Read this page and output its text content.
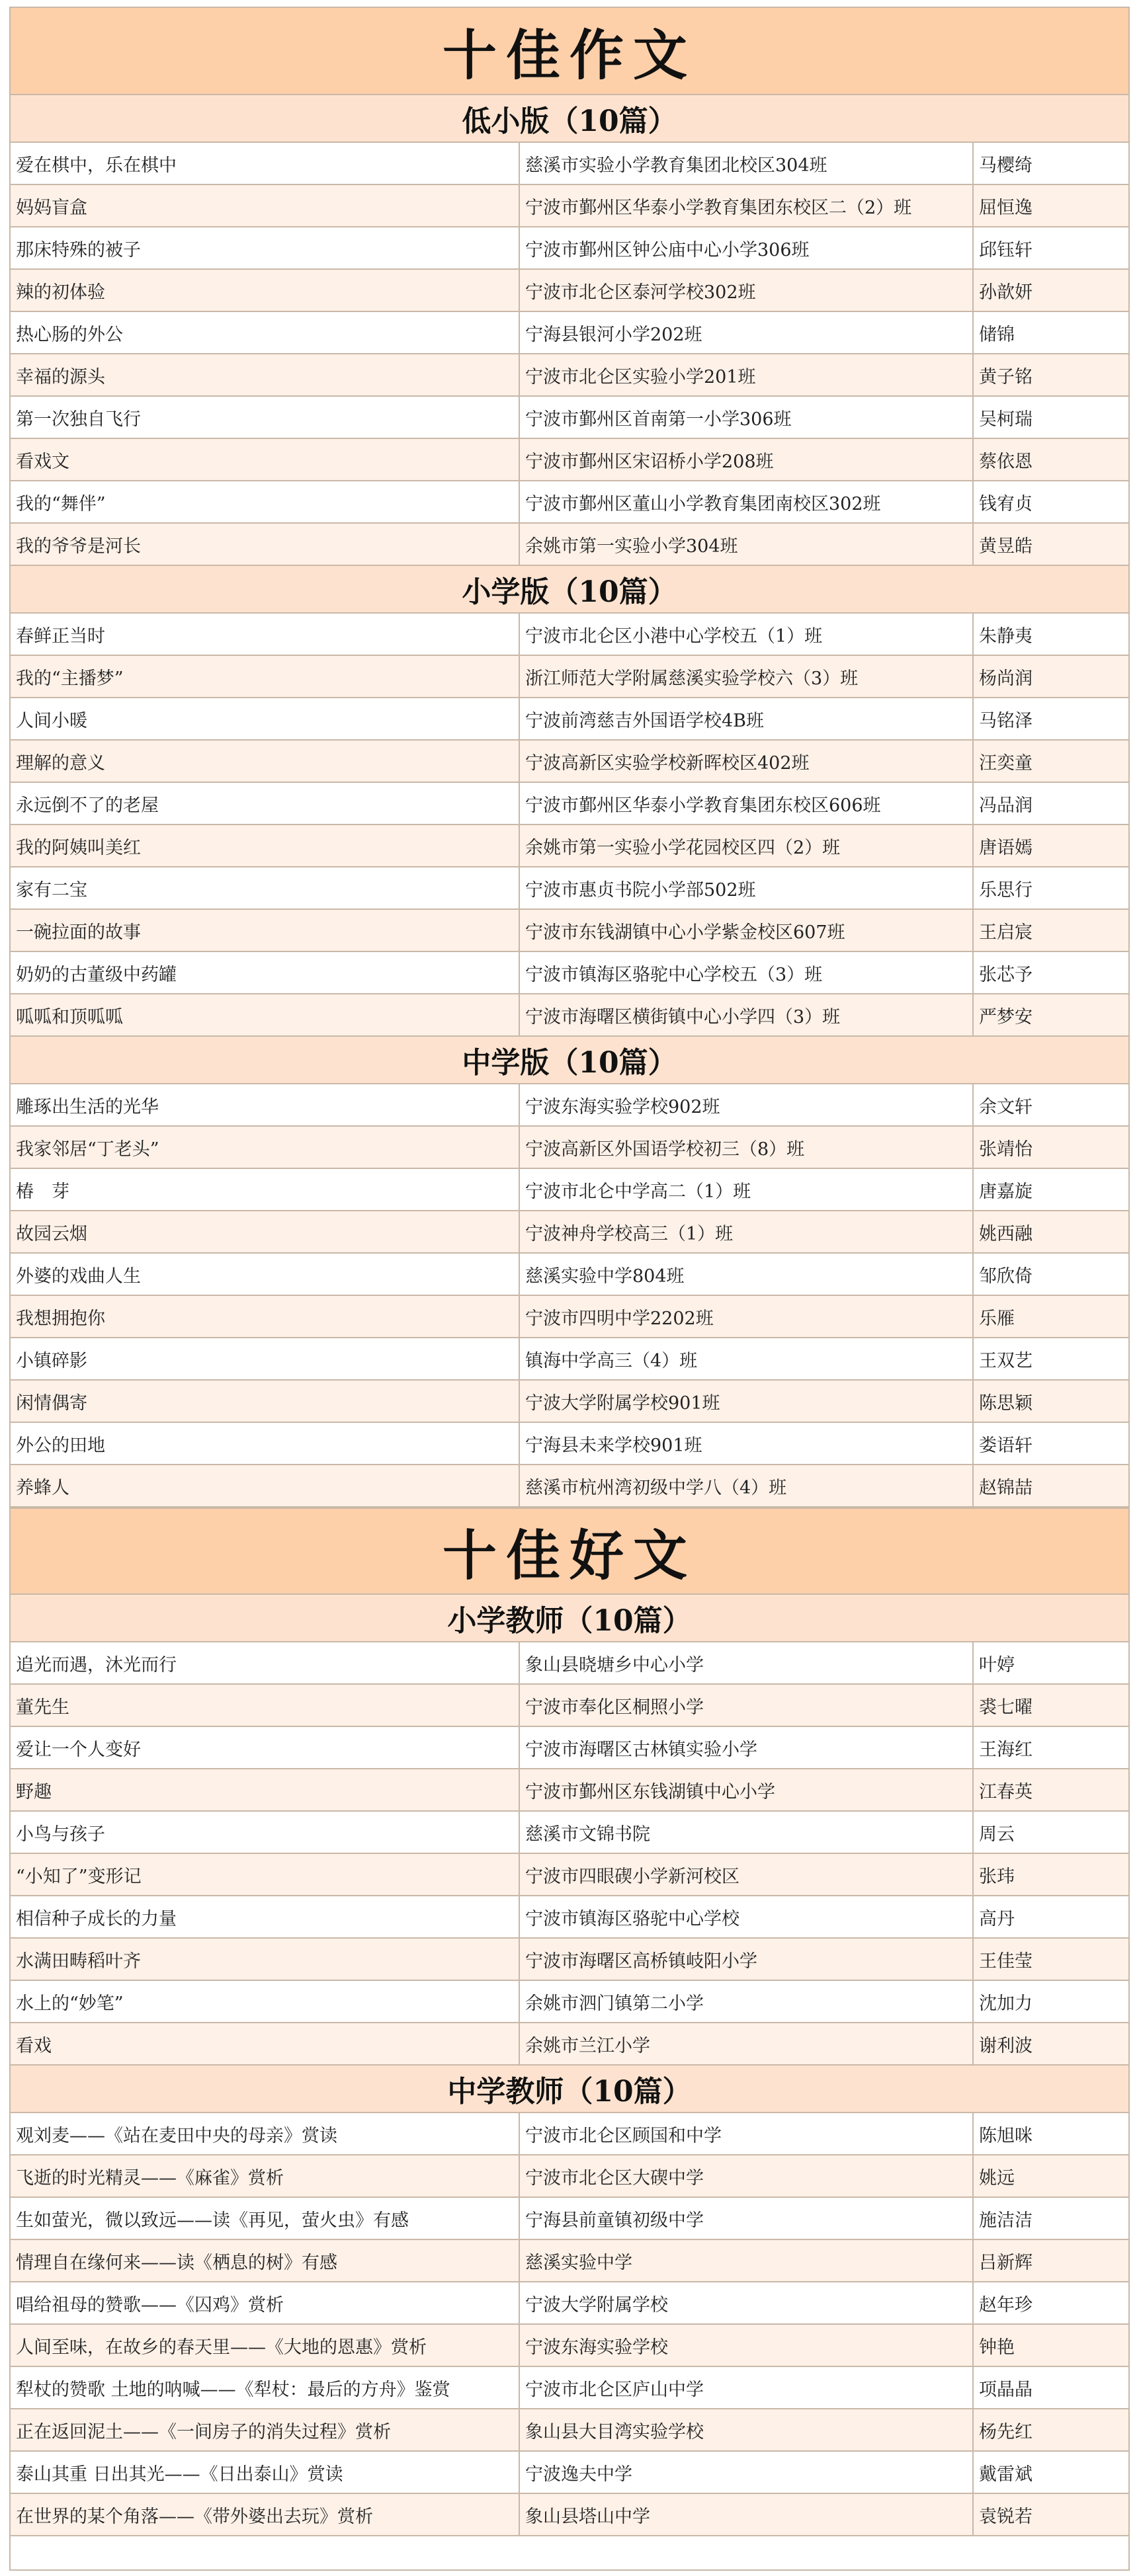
十佳作文
低小版（10篇）
爱在棋中，乐在棋中	慈溪市实验小学教育集团北校区304班	马樱绮
妈妈盲盒	宁波市鄞州区华泰小学教育集团东校区二（2）班	屈恒逸
那床特殊的被子	宁波市鄞州区钟公庙中心小学306班	邱钰轩
辣的初体验	宁波市北仑区泰河学校302班	孙歆妍
热心肠的外公	宁海县银河小学202班	储锦
幸福的源头	宁波市北仑区实验小学201班	黄子铭
第一次独自飞行	宁波市鄞州区首南第一小学306班	吴柯瑞
看戏文	宁波市鄞州区宋诏桥小学208班	蔡依恩
我的“舞伴”	宁波市鄞州区董山小学教育集团南校区302班	钱宥贞
我的爷爷是河长	余姚市第一实验小学304班	黄昱皓
小学版（10篇）
春鲜正当时	宁波市北仑区小港中心学校五（1）班	朱静夷
我的“主播梦”	浙江师范大学附属慈溪实验学校六（3）班	杨尚润
人间小暖	宁波前湾慈吉外国语学校4B班	马铭泽
理解的意义	宁波高新区实验学校新晖校区402班	汪奕童
永远倒不了的老屋	宁波市鄞州区华泰小学教育集团东校区606班	冯品润
我的阿姨叫美红	余姚市第一实验小学花园校区四（2）班	唐语嫣
家有二宝	宁波市惠贞书院小学部502班	乐思行
一碗拉面的故事	宁波市东钱湖镇中心小学紫金校区607班	王启宸
奶奶的古董级中药罐	宁波市镇海区骆驼中心学校五（3）班	张芯予
呱呱和顶呱呱	宁波市海曙区横街镇中心小学四（3）班	严梦安
中学版（10篇）
雕琢出生活的光华	宁波东海实验学校902班	余文轩
我家邻居“丁老头”	宁波高新区外国语学校初三（8）班	张靖怡
椿　芽	宁波市北仑中学高二（1）班	唐嘉旋
故园云烟	宁波神舟学校高三（1）班	姚西融
外婆的戏曲人生	慈溪实验中学804班	邹欣倚
我想拥抱你	宁波市四明中学2202班	乐雁
小镇碎影	镇海中学高三（4）班	王双艺
闲情偶寄	宁波大学附属学校901班	陈思颖
外公的田地	宁海县未来学校901班	娄语轩
养蜂人	慈溪市杭州湾初级中学八（4）班	赵锦喆
十佳好文
小学教师（10篇）
追光而遇，沐光而行	象山县晓塘乡中心小学	叶婷
董先生	宁波市奉化区桐照小学	裘七曜
爱让一个人变好	宁波市海曙区古林镇实验小学	王海红
野趣	宁波市鄞州区东钱湖镇中心小学	江春英
小鸟与孩子	慈溪市文锦书院	周云
“小知了”变形记	宁波市四眼碶小学新河校区	张玮
相信种子成长的力量	宁波市镇海区骆驼中心学校	高丹
水满田畴稻叶齐	宁波市海曙区高桥镇岐阳小学	王佳莹
水上的“妙笔”	余姚市泗门镇第二小学	沈加力
看戏	余姚市兰江小学	谢利波
中学教师（10篇）
观刘麦——《站在麦田中央的母亲》赏读	宁波市北仑区顾国和中学	陈旭咪
飞逝的时光精灵——《麻雀》赏析	宁波市北仑区大碶中学	姚远
生如萤光，微以致远——读《再见，萤火虫》有感	宁海县前童镇初级中学	施洁洁
情理自在缘何来——读《栖息的树》有感	慈溪实验中学	吕新辉
唱给祖母的赞歌——《囚鸡》赏析	宁波大学附属学校	赵年珍
人间至味，在故乡的春天里——《大地的恩惠》赏析	宁波东海实验学校	钟艳
犁杖的赞歌 土地的呐喊——《犁杖：最后的方舟》鉴赏	宁波市北仑区庐山中学	项晶晶
正在返回泥土——《一间房子的消失过程》赏析	象山县大目湾实验学校	杨先红
泰山其重 日出其光——《日出泰山》赏读	宁波逸夫中学	戴雷斌
在世界的某个角落——《带外婆出去玩》赏析	象山县塔山中学	袁锐若
